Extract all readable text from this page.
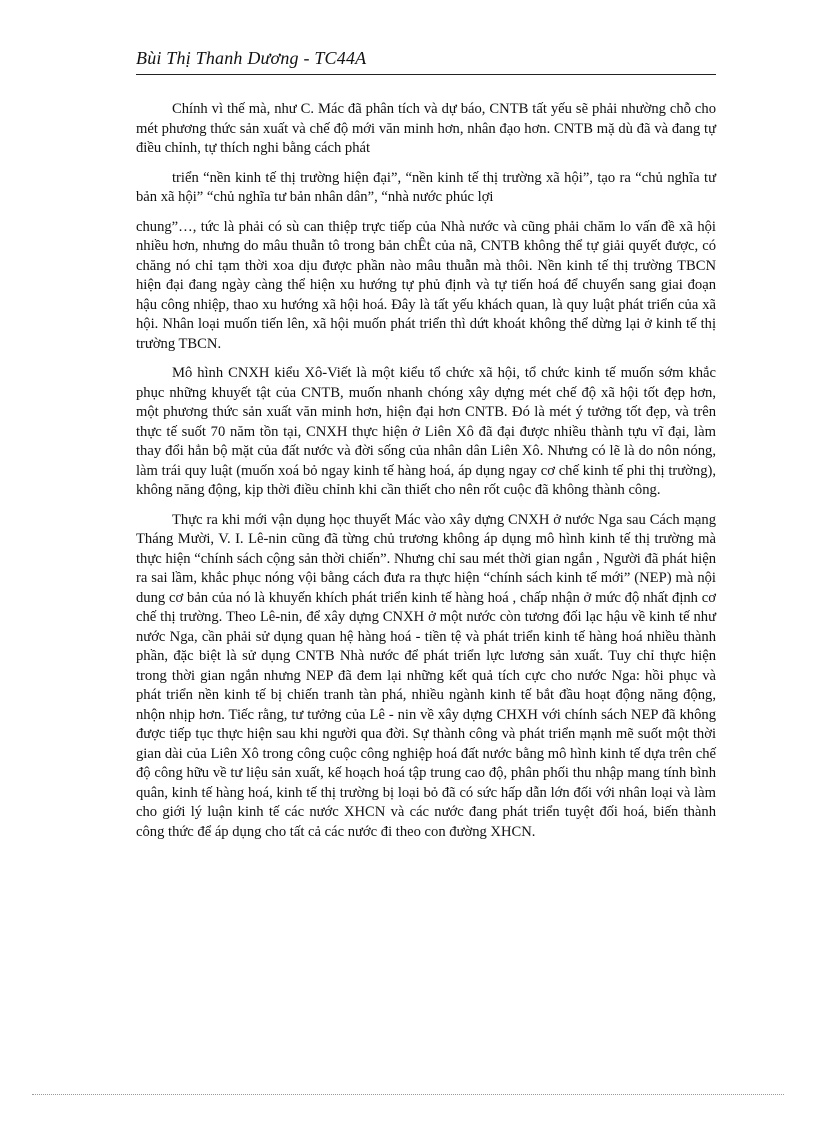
Bùi Thị Thanh Dương - TC44A

Chính vì thế mà, như C. Mác đã phân tích và dự báo, CNTB tất yếu sẽ phải nhường chỗ cho mét phương thức sản xuất và chế độ mới văn minh hơn, nhân đạo hơn. CNTB mặ dù đã và đang tự điều chỉnh, tự thích nghi bằng cách phát

triển “nền kinh tế thị trường hiện đại”, “nền kinh tế thị trường xã hội”, tạo ra “chủ nghĩa tư bản xã hội” “chủ nghĩa tư bản nhân dân”, “nhà nước phúc lợi

chung”…, tức là phải có sù can thiệp trực tiếp của Nhà nước và cũng phải chăm lo vấn đề xã hội nhiều hơn, nhưng do mâu thuẫn tô trong bản chÊt của nã, CNTB không thể tự giải quyết được, có chăng nó chỉ tạm thời xoa dịu được phần nào mâu thuẫn mà thôi. Nền kinh tế thị trường TBCN hiện đại đang ngày càng thể hiện xu hướng tự phủ định và tự tiến hoá để chuyển sang giai đoạn hậu công nhiệp, thao xu hướng xã hội hoá. Đây là tất yếu khách quan, là quy luật phát triển của xã hội. Nhân loại muốn tiến lên, xã hội muốn phát triển thì dứt khoát không thể dừng lại ở kinh tế thị trường TBCN.

Mô hình CNXH kiểu Xô-Viết là một kiểu tổ chức xã hội, tổ chức kinh tế muốn sớm khắc phục những khuyết tật của CNTB, muốn nhanh chóng xây dựng mét chế độ xã hội tốt đẹp hơn, một phương thức sản xuất văn minh hơn, hiện đại hơn CNTB. Đó là mét ý tưởng tốt đẹp, và trên thực tế suốt 70 năm tồn tại, CNXH thực hiện ở Liên Xô đã đại được nhiều thành tựu vĩ đại, làm thay đổi hẳn bộ mặt của đất nước và đời sống của nhân dân Liên Xô. Nhưng có lẽ là do nôn nóng, làm trái quy luật (muốn xoá bỏ ngay kinh tế hàng hoá, áp dụng ngay cơ chế kinh tế phi thị trường), không năng động, kịp thời điều chỉnh khi cần thiết cho nên rốt cuộc đã không thành công.

Thực ra khi mới vận dụng học thuyết Mác vào xây dựng CNXH ở nước Nga sau Cách mạng Tháng Mười, V. I. Lê-nin cũng đã từng chủ trương không áp dụng mô hình kinh tế thị trường mà thực hiện “chính sách cộng sản thời chiến”. Nhưng chỉ sau mét thời gian ngắn , Người đã phát hiện ra sai lầm, khắc phục nóng vội bằng cách đưa ra thực hiện “chính sách kinh tế mới” (NEP) mà nội dung cơ bản của nó là khuyến khích phát triển kinh tế hàng hoá , chấp nhận ở mức độ nhất định cơ chế thị trường. Theo Lê-nin, để xây dựng CNXH ở một nước còn tương đối lạc hậu về kinh tế như nước Nga, cần phải sử dụng quan hệ hàng hoá - tiền tệ và phát triển kinh tế hàng hoá nhiều thành phần, đặc biệt là sử dụng CNTB Nhà nước để phát triển lực lương sản xuất. Tuy chỉ thực hiện trong thời gian ngắn nhưng NEP đã đem lại những kết quả tích cực cho nước Nga: hồi phục và phát triển nền kinh tế bị chiến tranh tàn phá, nhiều ngành kinh tế bắt đầu hoạt động năng động, nhộn nhịp hơn. Tiếc rằng, tư tưởng của Lê - nin về xây dựng CHXH với chính sách NEP đã không được tiếp tục thực hiện sau khi người qua đời. Sự thành công và phát triển mạnh mẽ suốt một thời gian dài của Liên Xô trong công cuộc công nghiệp hoá đất nước bằng mô hình kinh tế dựa trên chế độ công hữu về tư liệu sản xuất, kế hoạch hoá tập trung cao độ, phân phối thu nhập mang tính bình quân, kinh tế hàng hoá, kinh tế thị trường bị loại bỏ đã có sức hấp dẫn lớn đối với nhân loại và làm cho giới lý luận kinh tế các nước XHCN và các nước đang phát triển tuyệt đối hoá, biến thành công thức để áp dụng cho tất cả các nước đi theo con đường XHCN.
